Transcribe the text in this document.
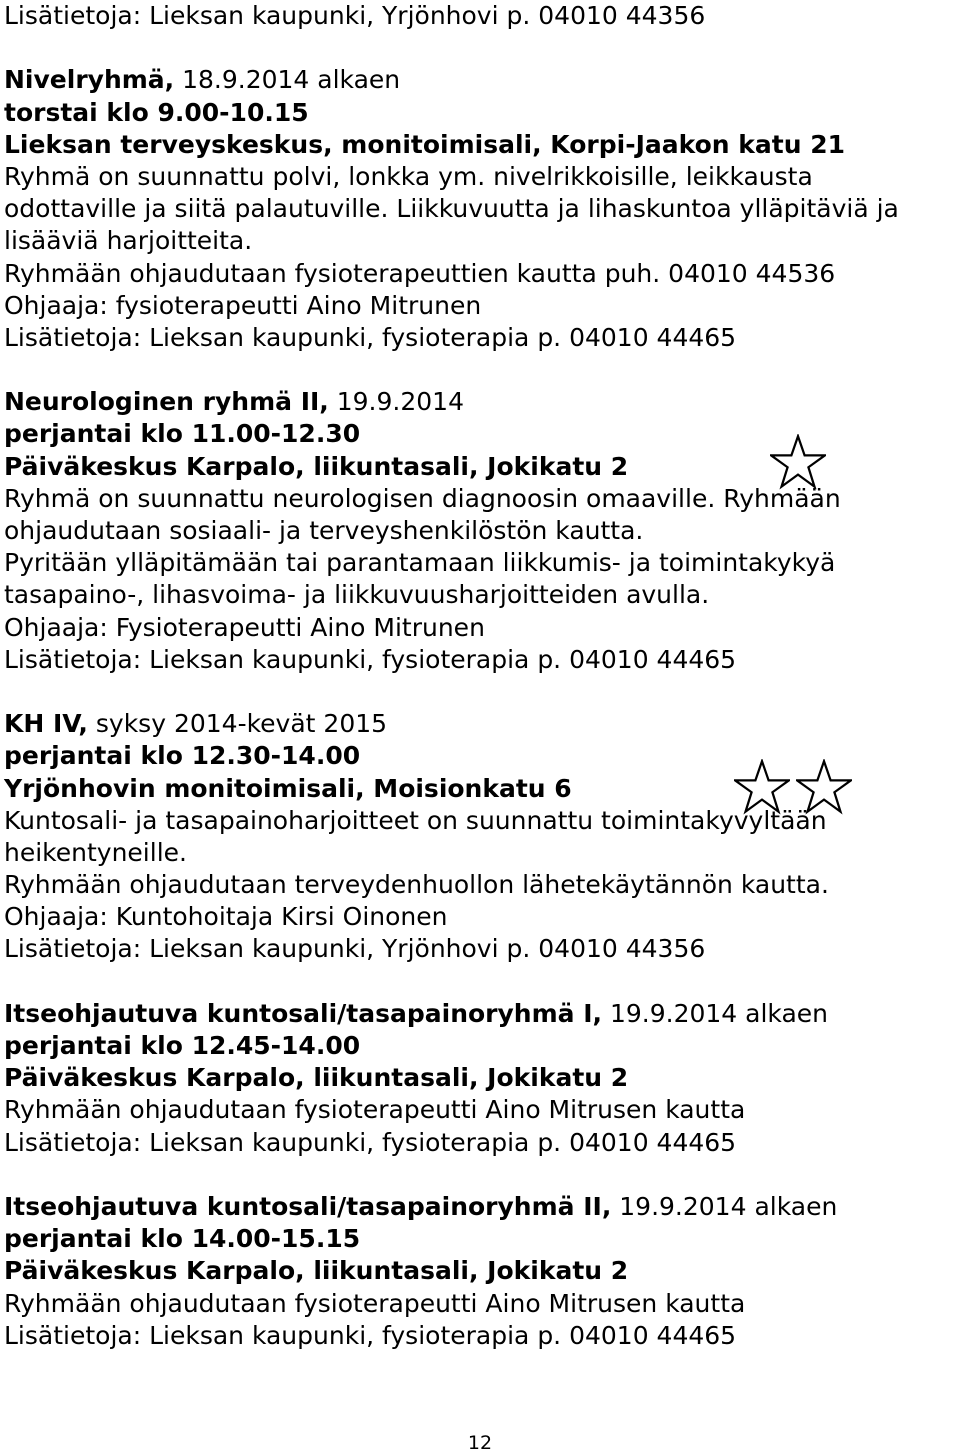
Lisätietoja: Lieksan kaupunki, Yrjönhovi p. 04010 44356
Nivelryhmä, 18.9.2014 alkaen
torstai klo 9.00-10.15
Lieksan terveyskeskus, monitoimisali, Korpi-Jaakon katu 21
Ryhmä on suunnattu polvi, lonkka ym. nivelrikkoisille, leikkausta
odottaville ja siitä palautuville. Liikkuvuutta ja lihaskuntoa ylläpitäviä ja
lisääviä harjoitteita.
Ryhmään ohjaudutaan fysioterapeuttien kautta puh. 04010 44536
Ohjaaja: fysioterapeutti Aino Mitrunen
Lisätietoja: Lieksan kaupunki, fysioterapia p. 04010 44465
Neurologinen ryhmä II, 19.9.2014
perjantai klo 11.00-12.30
Päiväkeskus Karpalo, liikuntasali, Jokikatu 2
Ryhmä on suunnattu neurologisen diagnoosin omaaville. Ryhmään
ohjaudutaan sosiaali- ja terveyshenkilöstön kautta.
Pyritään ylläpitämään tai parantamaan liikkumis- ja toimintakykyä
tasapaino-, lihasvoima- ja liikkuvuusharjoitteiden avulla.
Ohjaaja: Fysioterapeutti Aino Mitrunen
Lisätietoja: Lieksan kaupunki, fysioterapia p. 04010 44465
KH IV, syksy 2014-kevät 2015
perjantai klo 12.30-14.00
Yrjönhovin monitoimisali, Moisionkatu 6
Kuntosali- ja tasapainoharjoitteet on suunnattu toimintakyvyltään
heikentyneille.
Ryhmään ohjaudutaan terveydenhuollon lähetekäytännön kautta.
Ohjaaja: Kuntohoitaja Kirsi Oinonen
Lisätietoja: Lieksan kaupunki, Yrjönhovi p. 04010 44356
Itseohjautuva kuntosali/tasapainoryhmä I, 19.9.2014 alkaen
perjantai klo 12.45-14.00
Päiväkeskus Karpalo, liikuntasali, Jokikatu 2
Ryhmään ohjaudutaan fysioterapeutti Aino Mitrusen kautta
Lisätietoja: Lieksan kaupunki, fysioterapia p. 04010 44465
Itseohjautuva kuntosali/tasapainoryhmä II, 19.9.2014 alkaen
perjantai klo 14.00-15.15
Päiväkeskus Karpalo, liikuntasali, Jokikatu 2
Ryhmään ohjaudutaan fysioterapeutti Aino Mitrusen kautta
Lisätietoja: Lieksan kaupunki, fysioterapia p. 04010 44465
12
